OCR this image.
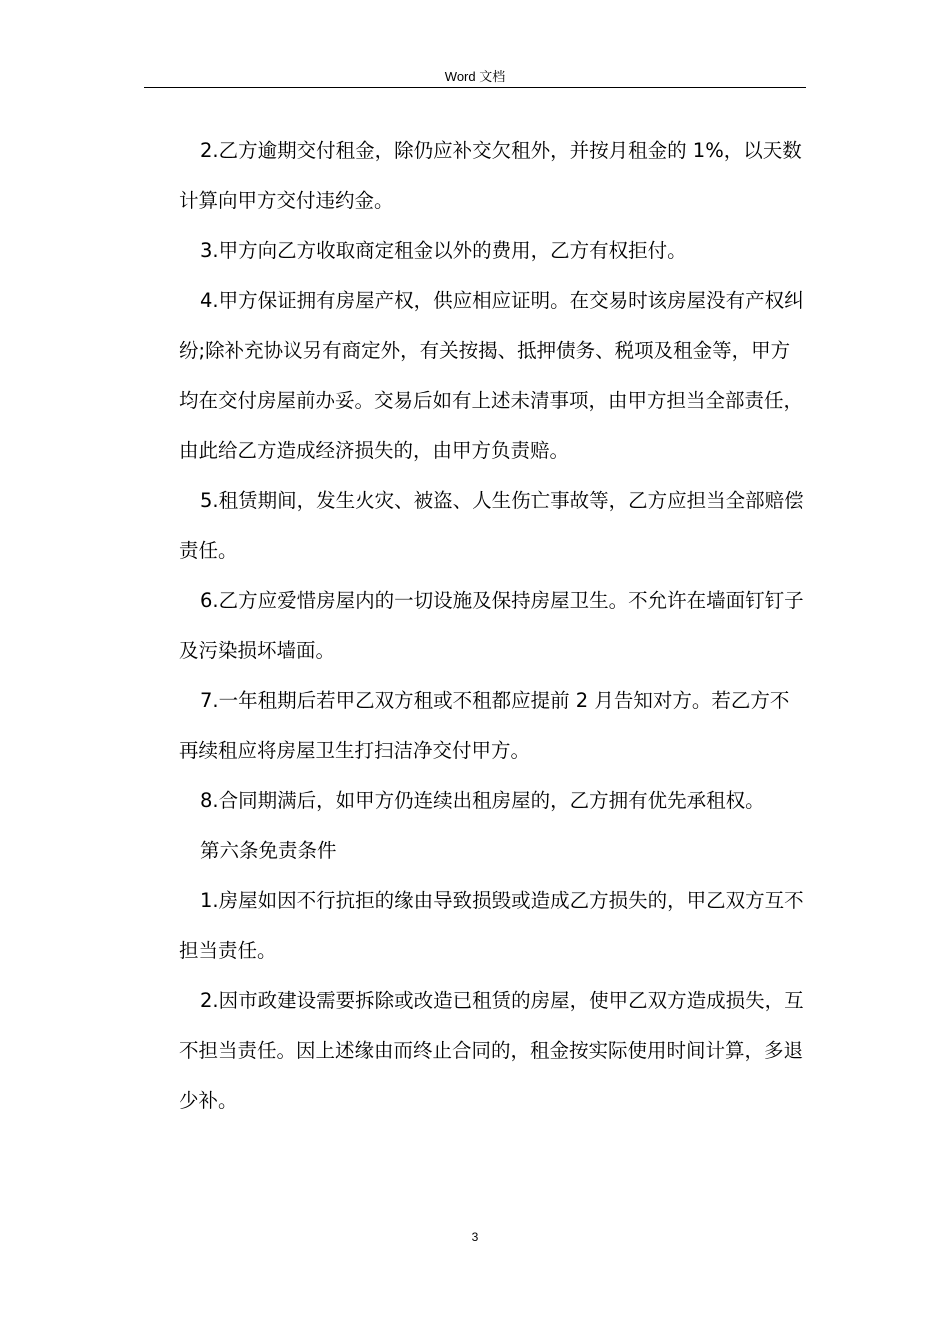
Word 文档

2.乙方逾期交付租金，除仍应补交欠租外，并按月租金的 1%，以天数计算向甲方交付违约金。

3.甲方向乙方收取商定租金以外的费用，乙方有权拒付。

4.甲方保证拥有房屋产权，供应相应证明。在交易时该房屋没有产权纠纷;除补充协议另有商定外，有关按揭、抵押债务、税项及租金等，甲方均在交付房屋前办妥。交易后如有上述未清事项，由甲方担当全部责任，由此给乙方造成经济损失的，由甲方负责赔。

5.租赁期间，发生火灾、被盗、人生伤亡事故等，乙方应担当全部赔偿责任。

6.乙方应爱惜房屋内的一切设施及保持房屋卫生。不允许在墙面钉钉子及污染损坏墙面。

7.一年租期后若甲乙双方租或不租都应提前 2 月告知对方。若乙方不再续租应将房屋卫生打扫洁净交付甲方。

8.合同期满后，如甲方仍连续出租房屋的，乙方拥有优先承租权。

第六条免责条件

1.房屋如因不行抗拒的缘由导致损毁或造成乙方损失的，甲乙双方互不担当责任。

2.因市政建设需要拆除或改造已租赁的房屋，使甲乙双方造成损失，互不担当责任。因上述缘由而终止合同的，租金按实际使用时间计算，多退少补。

3
